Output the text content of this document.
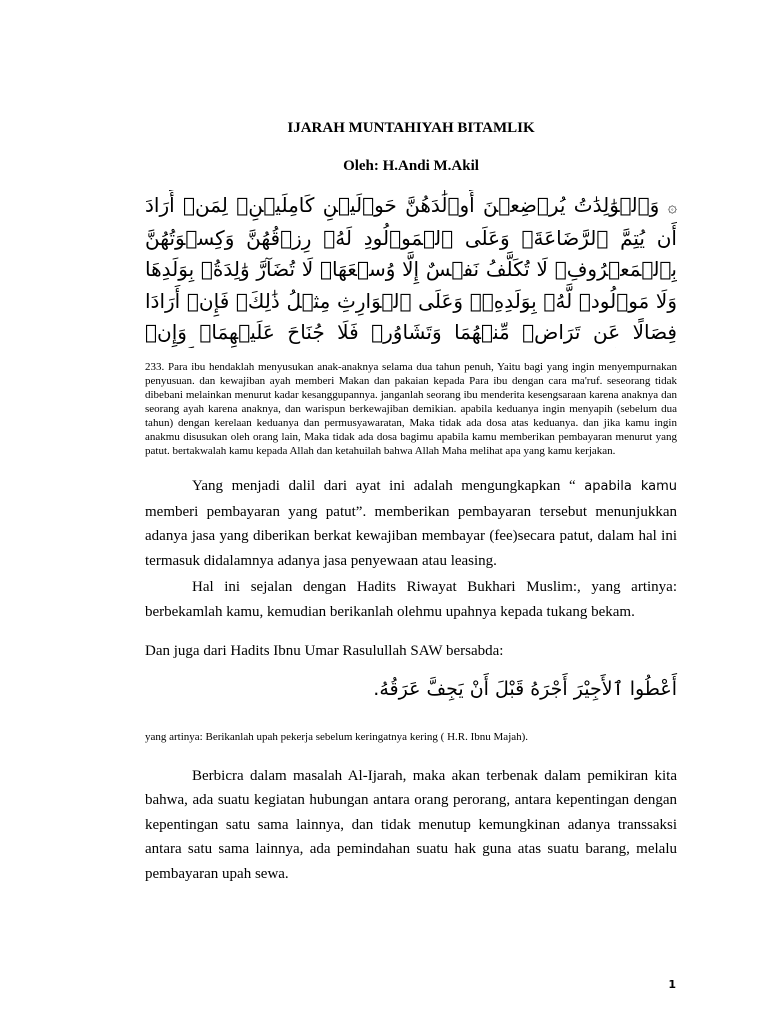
IJARAH MUNTAHIYAH BITAMLIK
Oleh: H.Andi M.Akil
۞ وَٱلۡوَٰلِدَٰتُ يُرۡضِعۡنَ أَوۡلَٰدَهُنَّ حَوۡلَيۡنِ كَامِلَيۡنِۖ لِمَنۡ أَرَادَ أَن يُتِمَّ ٱلرَّضَاعَةَۚ وَعَلَى ٱلۡمَوۡلُودِ لَهُۥ رِزۡقُهُنَّ وَكِسۡوَتُهُنَّ بِٱلۡمَعۡرُوفِۚ لَا تُكَلَّفُ نَفۡسٌ إِلَّا وُسۡعَهَاۚ لَا تُضَآرَّ وَٰلِدَةُۢ بِوَلَدِهَا وَلَا مَوۡلُودٞ لَّهُۥ بِوَلَدِهِۦۚ وَعَلَى ٱلۡوَارِثِ مِثۡلُ ذَٰلِكَۗ فَإِنۡ أَرَادَا فِصَالًا عَن تَرَاضٖ مِّنۡهُمَا وَتَشَاوُرٖ فَلَا جُنَاحَ عَلَيۡهِمَاۗ وَإِنۡ
233. Para ibu hendaklah menyusukan anak-anaknya selama dua tahun penuh, Yaitu bagi yang ingin menyempurnakan penyusuan. dan kewajiban ayah memberi Makan dan pakaian kepada Para ibu dengan cara ma'ruf. seseorang tidak dibebani melainkan menurut kadar kesanggupannya. janganlah seorang ibu menderita kesengsaraan karena anaknya dan seorang ayah karena anaknya, dan warispun berkewajiban demikian. apabila keduanya ingin menyapih (sebelum dua tahun) dengan kerelaan keduanya dan permusyawaratan, Maka tidak ada dosa atas keduanya. dan jika kamu ingin anakmu disusukan oleh orang lain, Maka tidak ada dosa bagimu apabila kamu memberikan pembayaran menurut yang patut. bertakwalah kamu kepada Allah dan ketahuilah bahwa Allah Maha melihat apa yang kamu kerjakan.

Yang menjadi dalil dari ayat ini adalah mengungkapkan “ apabila kamu memberi pembayaran yang patut”. memberikan pembayaran tersebut menunjukkan adanya jasa yang diberikan berkat kewajiban membayar (fee)secara patut, dalam hal ini termasuk didalamnya adanya jasa penyewaan atau leasing.

Hal ini sejalan dengan Hadits Riwayat Bukhari Muslim:, yang artinya: berbekamlah kamu, kemudian berikanlah olehmu upahnya kepada tukang bekam.

Dan juga dari Hadits Ibnu Umar Rasulullah SAW bersabda:

أَعْطُوا ٱلأَجِيْرَ أَجْرَهُ قَبْلَ أَنْ يَجِفَّ عَرَقُهُ.
yang artinya: Berikanlah upah pekerja sebelum keringatnya kering ( H.R. Ibnu Majah).

Berbicra dalam masalah Al-Ijarah, maka akan terbenak dalam pemikiran kita bahwa, ada suatu kegiatan hubungan antara orang perorang, antara kepentingan dengan kepentingan satu sama lainnya, dan tidak menutup kemungkinan adanya transsaksi antara satu sama lainnya, ada pemindahan suatu hak guna atas suatu barang, melalu pembayaran upah sewa.

1
